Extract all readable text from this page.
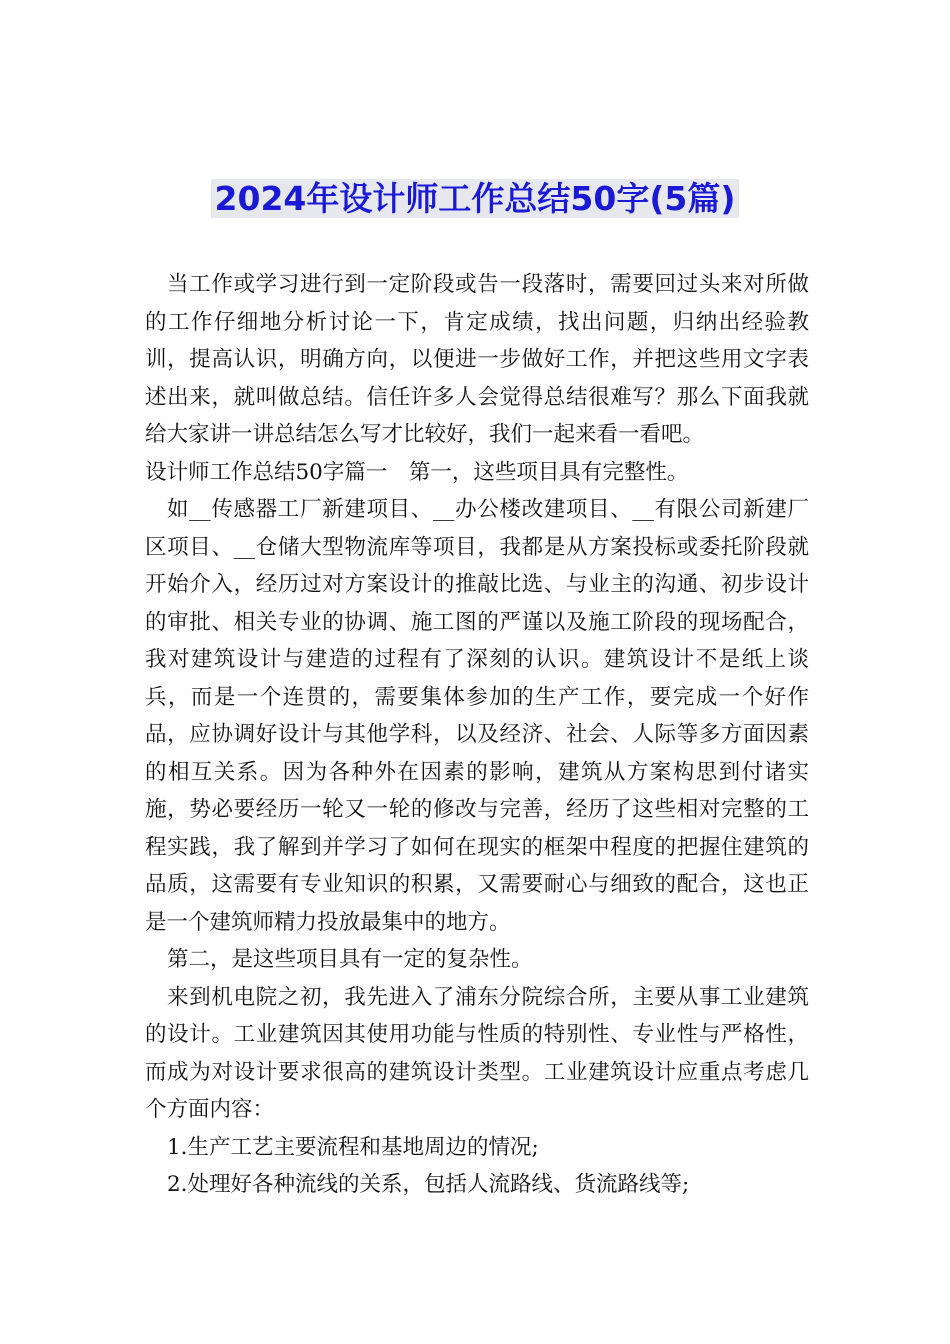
2024年设计师工作总结50字(5篇)

当工作或学习进行到一定阶段或告一段落时，需要回过头来对所做的工作仔细地分析讨论一下，肯定成绩，找出问题，归纳出经验教训，提高认识，明确方向，以便进一步做好工作，并把这些用文字表述出来，就叫做总结。信任许多人会觉得总结很难写？那么下面我就给大家讲一讲总结怎么写才比较好，我们一起来看一看吧。

设计师工作总结50字篇一　第一，这些项目具有完整性。

如__传感器工厂新建项目、__办公楼改建项目、__有限公司新建厂区项目、__仓储大型物流库等项目，我都是从方案投标或委托阶段就开始介入，经历过对方案设计的推敲比选、与业主的沟通、初步设计的审批、相关专业的协调、施工图的严谨以及施工阶段的现场配合，我对建筑设计与建造的过程有了深刻的认识。建筑设计不是纸上谈兵，而是一个连贯的，需要集体参加的生产工作，要完成一个好作品，应协调好设计与其他学科，以及经济、社会、人际等多方面因素的相互关系。因为各种外在因素的影响，建筑从方案构思到付诸实施，势必要经历一轮又一轮的修改与完善，经历了这些相对完整的工程实践，我了解到并学习了如何在现实的框架中程度的把握住建筑的品质，这需要有专业知识的积累，又需要耐心与细致的配合，这也正是一个建筑师精力投放最集中的地方。

第二，是这些项目具有一定的复杂性。

来到机电院之初，我先进入了浦东分院综合所，主要从事工业建筑的设计。工业建筑因其使用功能与性质的特别性、专业性与严格性，而成为对设计要求很高的建筑设计类型。工业建筑设计应重点考虑几个方面内容：

1.生产工艺主要流程和基地周边的情况;

2.处理好各种流线的关系，包括人流路线、货流路线等;
